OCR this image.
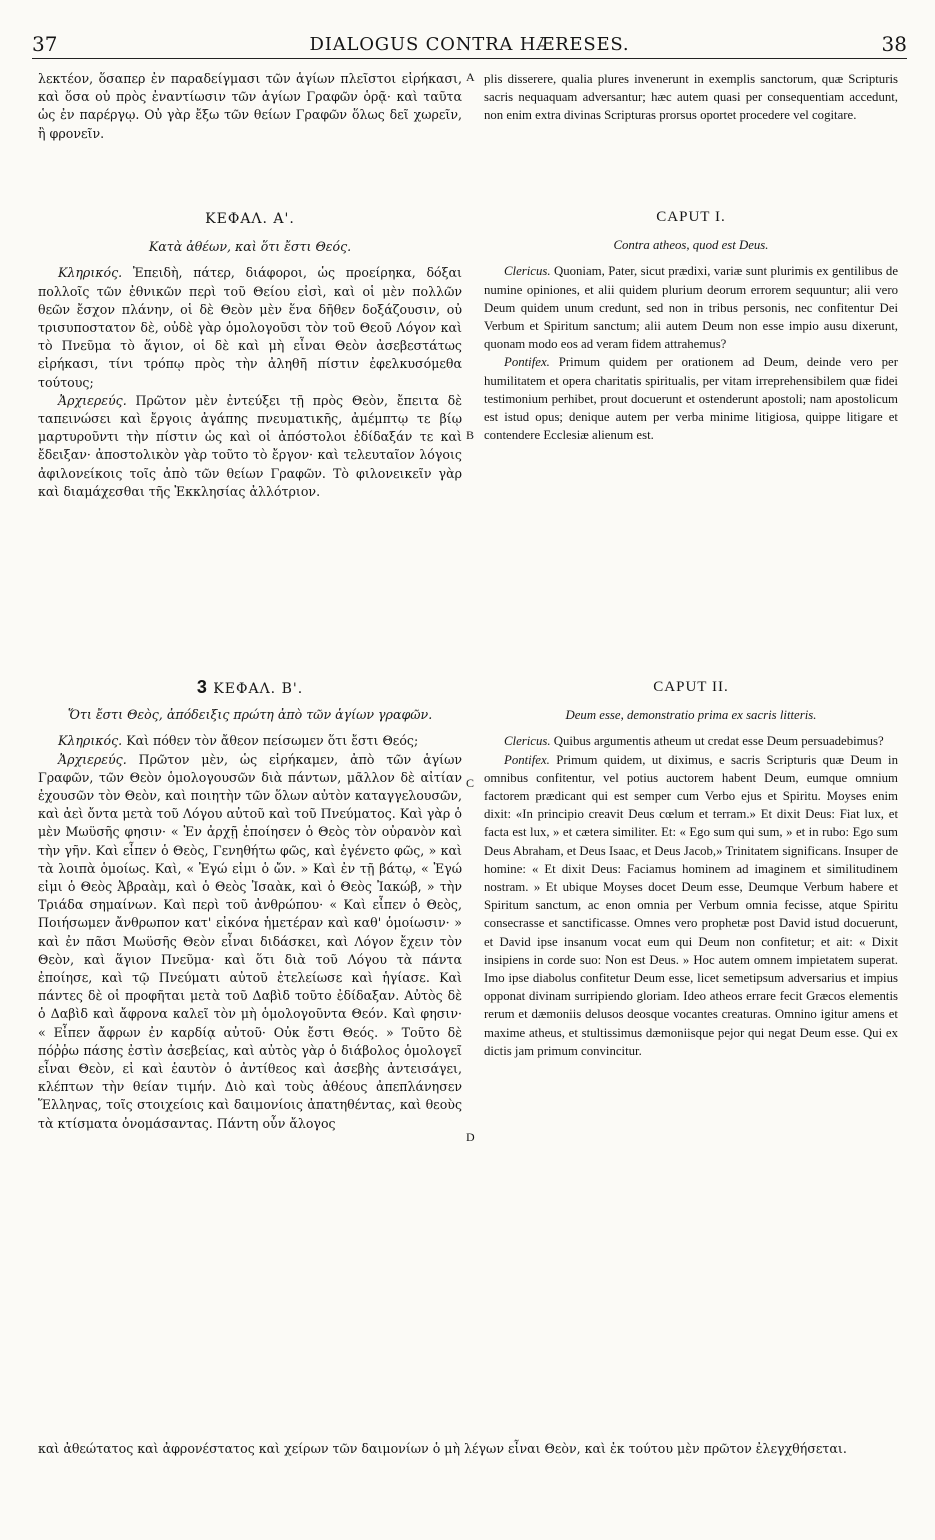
37	DIALOGUS CONTRA HÆRESES.	38
A
B
C
D

λεκτέον, ὅσαπερ ἐν παραδείγμασι τῶν ἁγίων πλεῖστοι εἰρήκασι, καὶ ὅσα οὐ πρὸς ἐναντίωσιν τῶν ἁγίων Γραφῶν ὁρᾷ· καὶ ταῦτα ὡς ἐν παρέργῳ. Οὐ γὰρ ἔξω τῶν θείων Γραφῶν ὅλως δεῖ χωρεῖν, ἢ φρονεῖν.

ΚΕΦΑΛ. Α'.

Κατὰ ἀθέων, καὶ ὅτι ἔστι Θεός.

Κληρικός. Ἐπειδὴ, πάτερ, διάφοροι, ὡς προείρηκα, δόξαι πολλοῖς τῶν ἐθνικῶν περὶ τοῦ Θείου εἰσὶ, καὶ οἱ μὲν πολλῶν θεῶν ἔσχον πλάνην, οἱ δὲ Θεὸν μὲν ἕνα δῆθεν δοξάζουσιν, οὐ τρισυποστατον δὲ, οὐδὲ γὰρ ὁμολογοῦσι τὸν τοῦ Θεοῦ Λόγον καὶ τὸ Πνεῦμα τὸ ἅγιον, οἱ δὲ καὶ μὴ εἶναι Θεὸν ἀσεβεστάτως εἰρήκασι, τίνι τρόπῳ πρὸς τὴν ἀληθῆ πίστιν ἐφελκυσόμεθα τούτους;

Ἀρχιερεύς. Πρῶτον μὲν ἐντεύξει τῇ πρὸς Θεὸν, ἔπειτα δὲ ταπεινώσει καὶ ἔργοις ἀγάπης πνευματικῆς, ἀμέμπτῳ τε βίῳ μαρτυροῦντι τὴν πίστιν ὡς καὶ οἱ ἀπόστολοι ἐδίδαξάν τε καὶ ἔδειξαν· ἀποστολικὸν γὰρ τοῦτο τὸ ἔργον· καὶ τελευταῖον λόγοις ἀφιλονείκοις τοῖς ἀπὸ τῶν θείων Γραφῶν. Τὸ φιλονεικεῖν γὰρ καὶ διαμάχεσθαι τῆς Ἐκκλησίας ἀλλότριον.

3 ΚΕΦΑΛ. Β'.

Ὅτι ἔστι Θεὸς, ἀπόδειξις πρώτη ἀπὸ τῶν ἁγίων γραφῶν.

Κληρικός. Καὶ πόθεν τὸν ἄθεον πείσωμεν ὅτι ἔστι Θεός;

Ἀρχιερεύς. Πρῶτον μὲν, ὡς εἰρήκαμεν, ἀπὸ τῶν ἁγίων Γραφῶν, τῶν Θεὸν ὁμολογουσῶν διὰ πάντων, μᾶλλον δὲ αἰτίαν ἐχουσῶν τὸν Θεὸν, καὶ ποιητὴν τῶν ὅλων αὐτὸν καταγγελουσῶν, καὶ ἀεὶ ὄντα μετὰ τοῦ Λόγου αὐτοῦ καὶ τοῦ Πνεύματος. Καὶ γὰρ ὁ μὲν Μωϋσῆς φησιν· « Ἐν ἀρχῇ ἐποίησεν ὁ Θεὸς τὸν οὐρανὸν καὶ τὴν γῆν. Καὶ εἶπεν ὁ Θεὸς, Γενηθήτω φῶς, καὶ ἐγένετο φῶς, » καὶ τὰ λοιπὰ ὁμοίως. Καὶ, « Ἐγώ εἰμι ὁ ὤν. » Καὶ ἐν τῇ βάτῳ, « Ἐγώ εἰμι ὁ Θεὸς Ἀβραὰμ, καὶ ὁ Θεὸς Ἰσαὰκ, καὶ ὁ Θεὸς Ἰακώβ, » τὴν Τριάδα σημαίνων. Καὶ περὶ τοῦ ἀνθρώπου· « Καὶ εἶπεν ὁ Θεὸς, Ποιήσωμεν ἄνθρωπον κατ' εἰκόνα ἡμετέραν καὶ καθ' ὁμοίωσιν· » καὶ ἐν πᾶσι Μωϋσῆς Θεὸν εἶναι διδάσκει, καὶ Λόγον ἔχειν τὸν Θεὸν, καὶ ἅγιον Πνεῦμα· καὶ ὅτι διὰ τοῦ Λόγου τὰ πάντα ἐποίησε, καὶ τῷ Πνεύματι αὐτοῦ ἐτελείωσε καὶ ἡγίασε. Καὶ πάντες δὲ οἱ προφῆται μετὰ τοῦ Δαβὶδ τοῦτο ἐδίδαξαν. Αὐτὸς δὲ ὁ Δαβὶδ καὶ ἄφρονα καλεῖ τὸν μὴ ὁμολογοῦντα Θεόν. Καὶ φησιν· « Εἶπεν ἄφρων ἐν καρδίᾳ αὐτοῦ· Οὐκ ἔστι Θεός. » Τοῦτο δὲ πόῤῥω πάσης ἐστὶν ἀσεβείας, καὶ αὐτὸς γὰρ ὁ διάβολος ὁμολογεῖ εἶναι Θεὸν, εἰ καὶ ἑαυτὸν ὁ ἀντίθεος καὶ ἀσεβὴς ἀντεισάγει, κλέπτων τὴν θείαν τιμήν. Διὸ καὶ τοὺς ἀθέους ἀπεπλάνησεν Ἕλληνας, τοῖς στοιχείοις καὶ δαιμονίοις ἀπατηθέντας, καὶ θεοὺς τὰ κτίσματα ὀνομάσαντας. Πάντη οὖν ἄλογος

plis disserere, qualia plures invenerunt in exemplis sanctorum, quæ Scripturis sacris nequaquam adversantur; hæc autem quasi per consequentiam accedunt, non enim extra divinas Scripturas prorsus oportet procedere vel cogitare.

CAPUT I.

Contra atheos, quod est Deus.

Clericus. Quoniam, Pater, sicut prædixi, variæ sunt plurimis ex gentilibus de numine opiniones, et alii quidem plurium deorum errorem sequuntur; alii vero Deum quidem unum credunt, sed non in tribus personis, nec confitentur Dei Verbum et Spiritum sanctum; alii autem Deum non esse impio ausu dixerunt, quonam modo eos ad veram fidem attrahemus?

Pontifex. Primum quidem per orationem ad Deum, deinde vero per humilitatem et opera charitatis spiritualis, per vitam irreprehensibilem quæ fidei testimonium perhibet, prout docuerunt et ostenderunt apostoli; nam apostolicum est istud opus; denique autem per verba minime litigiosa, quippe litigare et contendere Ecclesiæ alienum est.

CAPUT II.

Deum esse, demonstratio prima ex sacris litteris.

Clericus. Quibus argumentis atheum ut credat esse Deum persuadebimus?

Pontifex. Primum quidem, ut diximus, e sacris Scripturis quæ Deum in omnibus confitentur, vel potius auctorem habent Deum, eumque omnium factorem prædicant qui est semper cum Verbo ejus et Spiritu. Moyses enim dixit: «In principio creavit Deus cœlum et terram.» Et dixit Deus: Fiat lux, et facta est lux, » et cætera similiter. Et: « Ego sum qui sum, » et in rubo: Ego sum Deus Abraham, et Deus Isaac, et Deus Jacob,» Trinitatem significans. Insuper de homine: « Et dixit Deus: Faciamus hominem ad imaginem et similitudinem nostram. » Et ubique Moyses docet Deum esse, Deumque Verbum habere et Spiritum sanctum, ac enon omnia per Verbum omnia fecisse, atque Spiritu consecrasse et sanctificasse. Omnes vero prophetæ post David istud docuerunt, et David ipse insanum vocat eum qui Deum non confitetur; et ait: « Dixit insipiens in corde suo: Non est Deus. » Hoc autem omnem impietatem superat. Imo ipse diabolus confitetur Deum esse, licet semetipsum adversarius et impius opponat divinam surripiendo gloriam. Ideo atheos errare fecit Græcos elementis rerum et dæmoniis delusos deosque vocantes creaturas. Omnino igitur amens et maxime atheus, et stultissimus dæmoniisque pejor qui negat Deum esse. Qui ex dictis jam primum convincitur.

καὶ ἀθεώτατος καὶ ἀφρονέστατος καὶ χείρων τῶν δαιμονίων ὁ μὴ λέγων εἶναι Θεὸν, καὶ ἐκ τούτου μὲν πρῶτον ἐλεγχθήσεται.
